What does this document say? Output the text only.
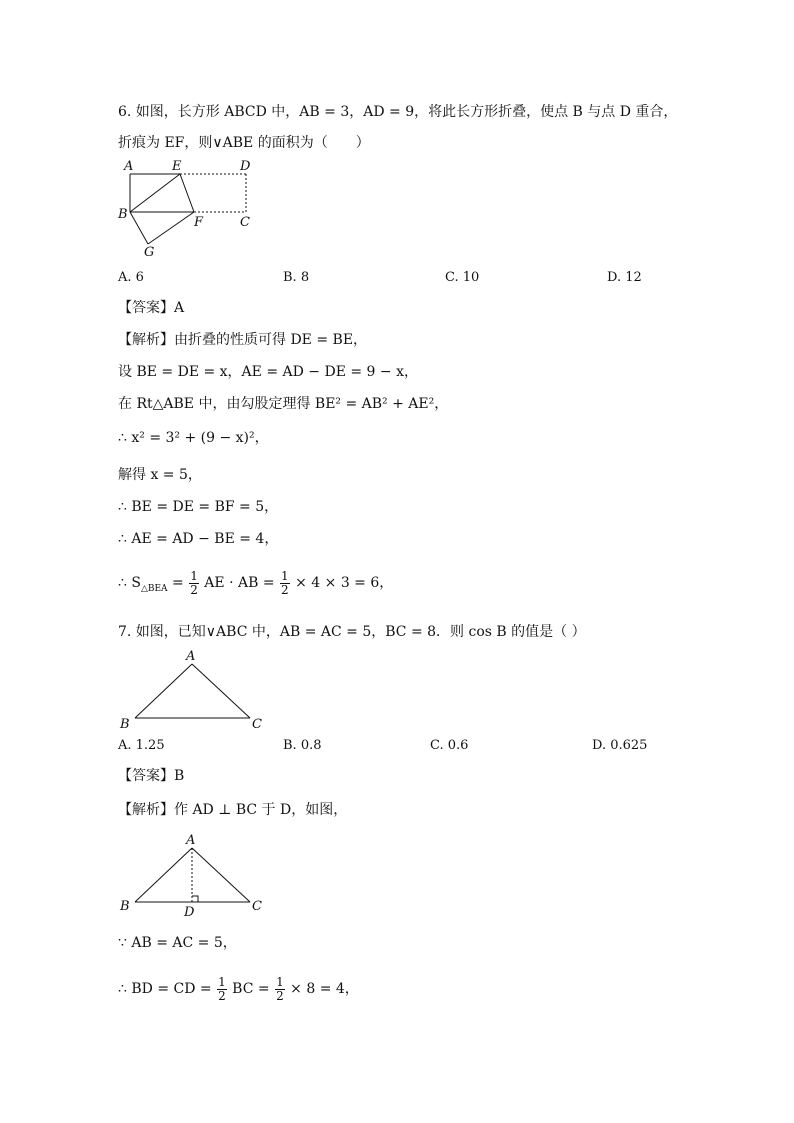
6. 如图，长方形 ABCD 中，AB = 3，AD = 9，将此长方形折叠，使点 B 与点 D 重合，
折痕为 EF，则∨ABE 的面积为（　　）
A	E	D
B
F	C
G
A. 6	B. 8	C. 10	D. 12
【答案】A
【解析】由折叠的性质可得 DE = BE，
设 BE = DE = x，AE = AD − DE = 9 − x，
在 Rt△ABE 中，由勾股定理得 BE² = AB² + AE²，
∴ x² = 3² + (9 − x)²，
解得 x = 5，
∴ BE = DE = BF = 5，
∴ AE = AD − BE = 4，
∴ $S_{\triangle BEA} = \frac{1}{2}$ AE · AB = $\frac{1}{2} \times 4 \times 3 = 6$，
7. 如图，已知∨ABC 中，AB = AC = 5，BC = 8．则 cos B 的值是（ ）
A
B	C
A. 1.25	B. 0.8	C. 0.6	D. 0.625
【答案】B
【解析】作 AD ⊥ BC 于 D，如图，
A
B	C
D
∵ AB = AC = 5，
∴ BD = CD = $\frac{1}{2}$ BC = $\frac{1}{2} \times 8 = 4$，
